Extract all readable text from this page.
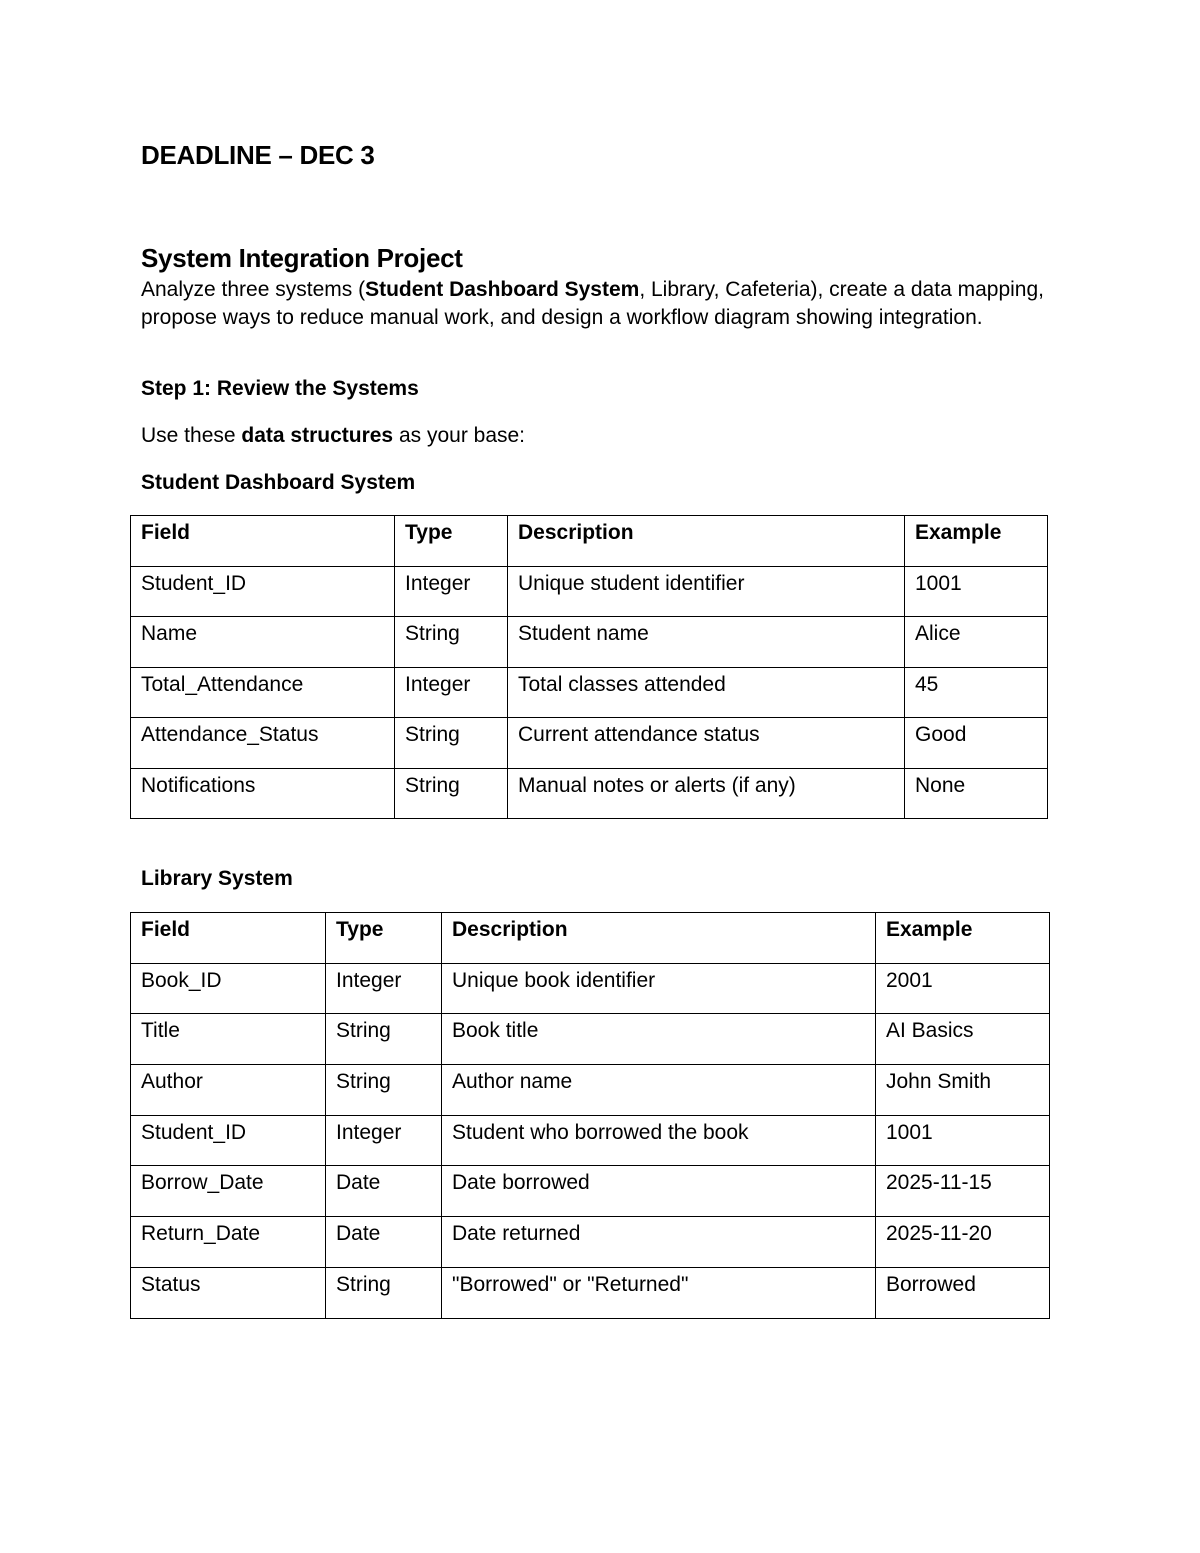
DEADLINE – DEC 3
System Integration Project

Analyze three systems (Student Dashboard System, Library, Cafeteria), create a data mapping, propose ways to reduce manual work, and design a workflow diagram showing integration.

Step 1: Review the Systems

Use these data structures as your base:

Student Dashboard System

Field	Type	Description	Example
Student_ID	Integer	Unique student identifier	1001
Name	String	Student name	Alice
Total_Attendance	Integer	Total classes attended	45
Attendance_Status	String	Current attendance status	Good
Notifications	String	Manual notes or alerts (if any)	None

Library System

Field	Type	Description	Example
Book_ID	Integer	Unique book identifier	2001
Title	String	Book title	AI Basics
Author	String	Author name	John Smith
Student_ID	Integer	Student who borrowed the book	1001
Borrow_Date	Date	Date borrowed	2025-11-15
Return_Date	Date	Date returned	2025-11-20
Status	String	"Borrowed" or "Returned"	Borrowed
